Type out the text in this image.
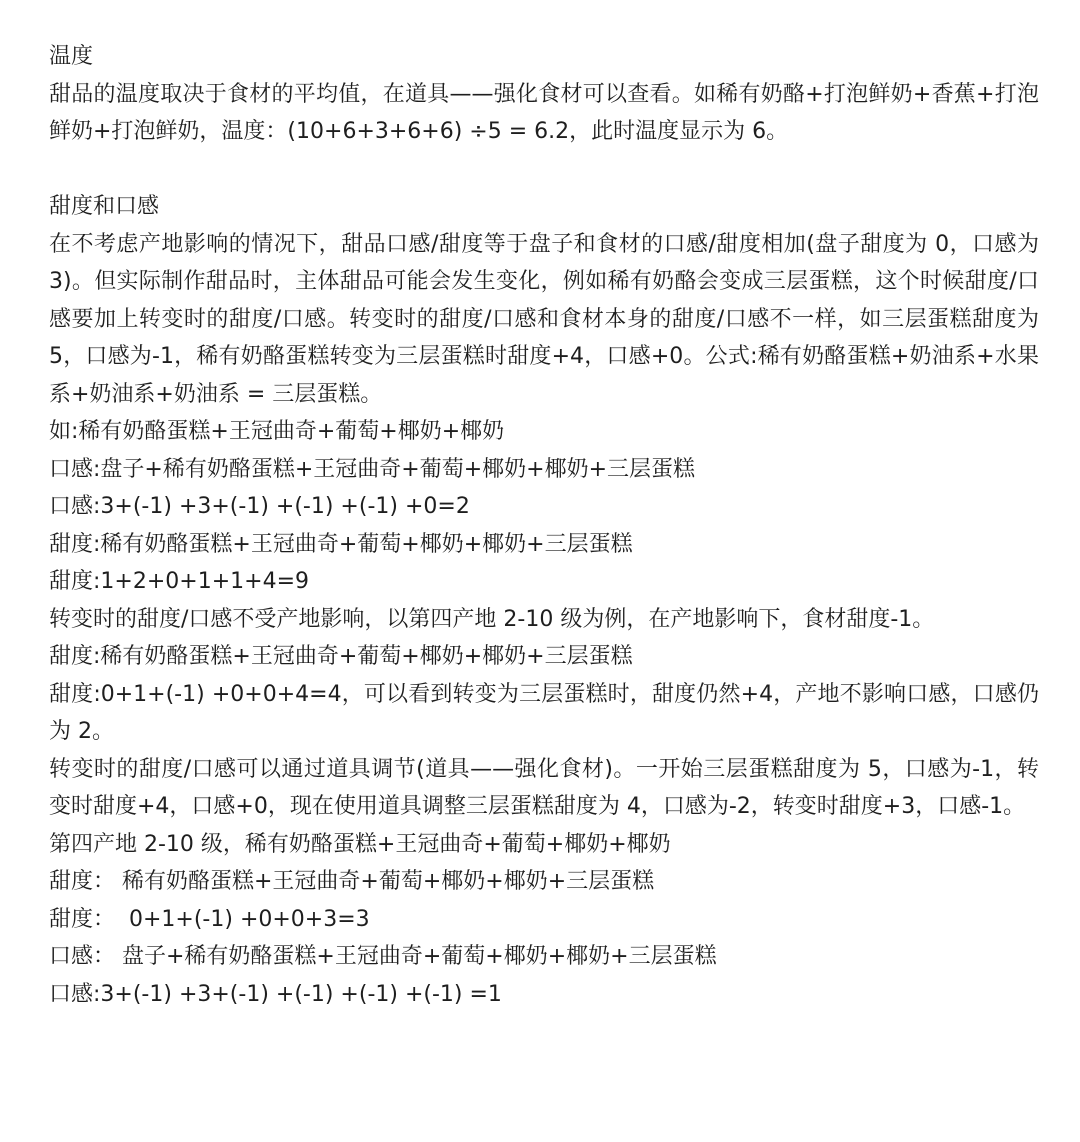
温度

甜品的温度取决于食材的平均值，在道具——强化食材可以查看。如稀有奶酪+打泡鲜奶+香蕉+打泡鲜奶+打泡鲜奶，温度：(10+6+3+6+6) ÷5 = 6.2，此时温度显示为 6。

甜度和口感

在不考虑产地影响的情况下，甜品口感/甜度等于盘子和食材的口感/甜度相加(盘子甜度为 0，口感为 3)。但实际制作甜品时，主体甜品可能会发生变化，例如稀有奶酪会变成三层蛋糕，这个时候甜度/口感要加上转变时的甜度/口感。转变时的甜度/口感和食材本身的甜度/口感不一样，如三层蛋糕甜度为 5，口感为-1，稀有奶酪蛋糕转变为三层蛋糕时甜度+4，口感+0。公式:稀有奶酪蛋糕+奶油系+水果系+奶油系+奶油系 = 三层蛋糕。

如:稀有奶酪蛋糕+王冠曲奇+葡萄+椰奶+椰奶
口感:盘子+稀有奶酪蛋糕+王冠曲奇+葡萄+椰奶+椰奶+三层蛋糕
口感:3+(-1) +3+(-1) +(-1) +(-1) +0=2
甜度:稀有奶酪蛋糕+王冠曲奇+葡萄+椰奶+椰奶+三层蛋糕
甜度:1+2+0+1+1+4=9

转变时的甜度/口感不受产地影响，以第四产地 2-10 级为例，在产地影响下，食材甜度-1。

甜度:稀有奶酪蛋糕+王冠曲奇+葡萄+椰奶+椰奶+三层蛋糕

甜度:0+1+(-1) +0+0+4=4，可以看到转变为三层蛋糕时，甜度仍然+4，产地不影响口感，口感仍为 2。

转变时的甜度/口感可以通过道具调节(道具——强化食材)。一开始三层蛋糕甜度为 5，口感为-1，转变时甜度+4，口感+0，现在使用道具调整三层蛋糕甜度为 4，口感为-2，转变时甜度+3，口感-1。

第四产地 2-10 级，稀有奶酪蛋糕+王冠曲奇+葡萄+椰奶+椰奶
甜度： 稀有奶酪蛋糕+王冠曲奇+葡萄+椰奶+椰奶+三层蛋糕
甜度：  0+1+(-1) +0+0+3=3
口感： 盘子+稀有奶酪蛋糕+王冠曲奇+葡萄+椰奶+椰奶+三层蛋糕
口感:3+(-1) +3+(-1) +(-1) +(-1) +(-1) =1
